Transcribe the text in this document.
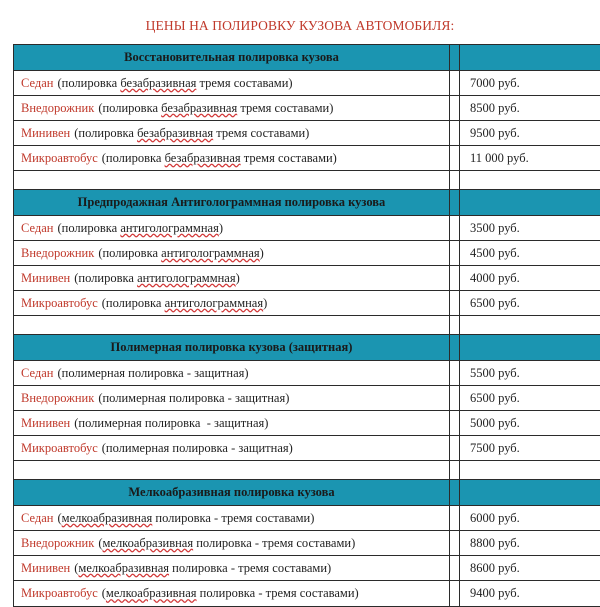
ЦЕНЫ НА ПОЛИРОВКУ КУЗОВА АВТОМОБИЛЯ:
Восстановительная полировка кузова
Седан (полировка безабразивная тремя составами)	7000 руб.
Внедорожник (полировка безабразивная тремя составами)	8500 руб.
Минивен (полировка безабразивная тремя составами)	9500 руб.
Микроавтобус (полировка безабразивная тремя составами)	11 000 руб.
Предпродажная Антиголограммная полировка кузова
Седан (полировка антиголограммная )	3500 руб.
Внедорожник (полировка антиголограммная )	4500 руб.
Минивен (полировка антиголограммная )	4000 руб.
Микроавтобус (полировка антиголограммная )	6500 руб.
Полимерная полировка кузова (защитная)
Седан (полимерная полировка - защитная)	5500 руб.
Внедорожник (полимерная полировка - защитная)	6500 руб.
Минивен (полимерная полировка  - защитная)	5000 руб.
Микроавтобус (полимерная полировка - защитная)	7500 руб.
Мелкоабразивная полировка кузова
Седан ( мелкоабразивная полировка - тремя составами)	6000 руб.
Внедорожник ( мелкоабразивная полировка - тремя составами)	8800 руб.
Минивен ( мелкоабразивная полировка - тремя составами)	8600 руб.
Микроавтобус ( мелкоабразивная полировка - тремя составами)	9400 руб.
